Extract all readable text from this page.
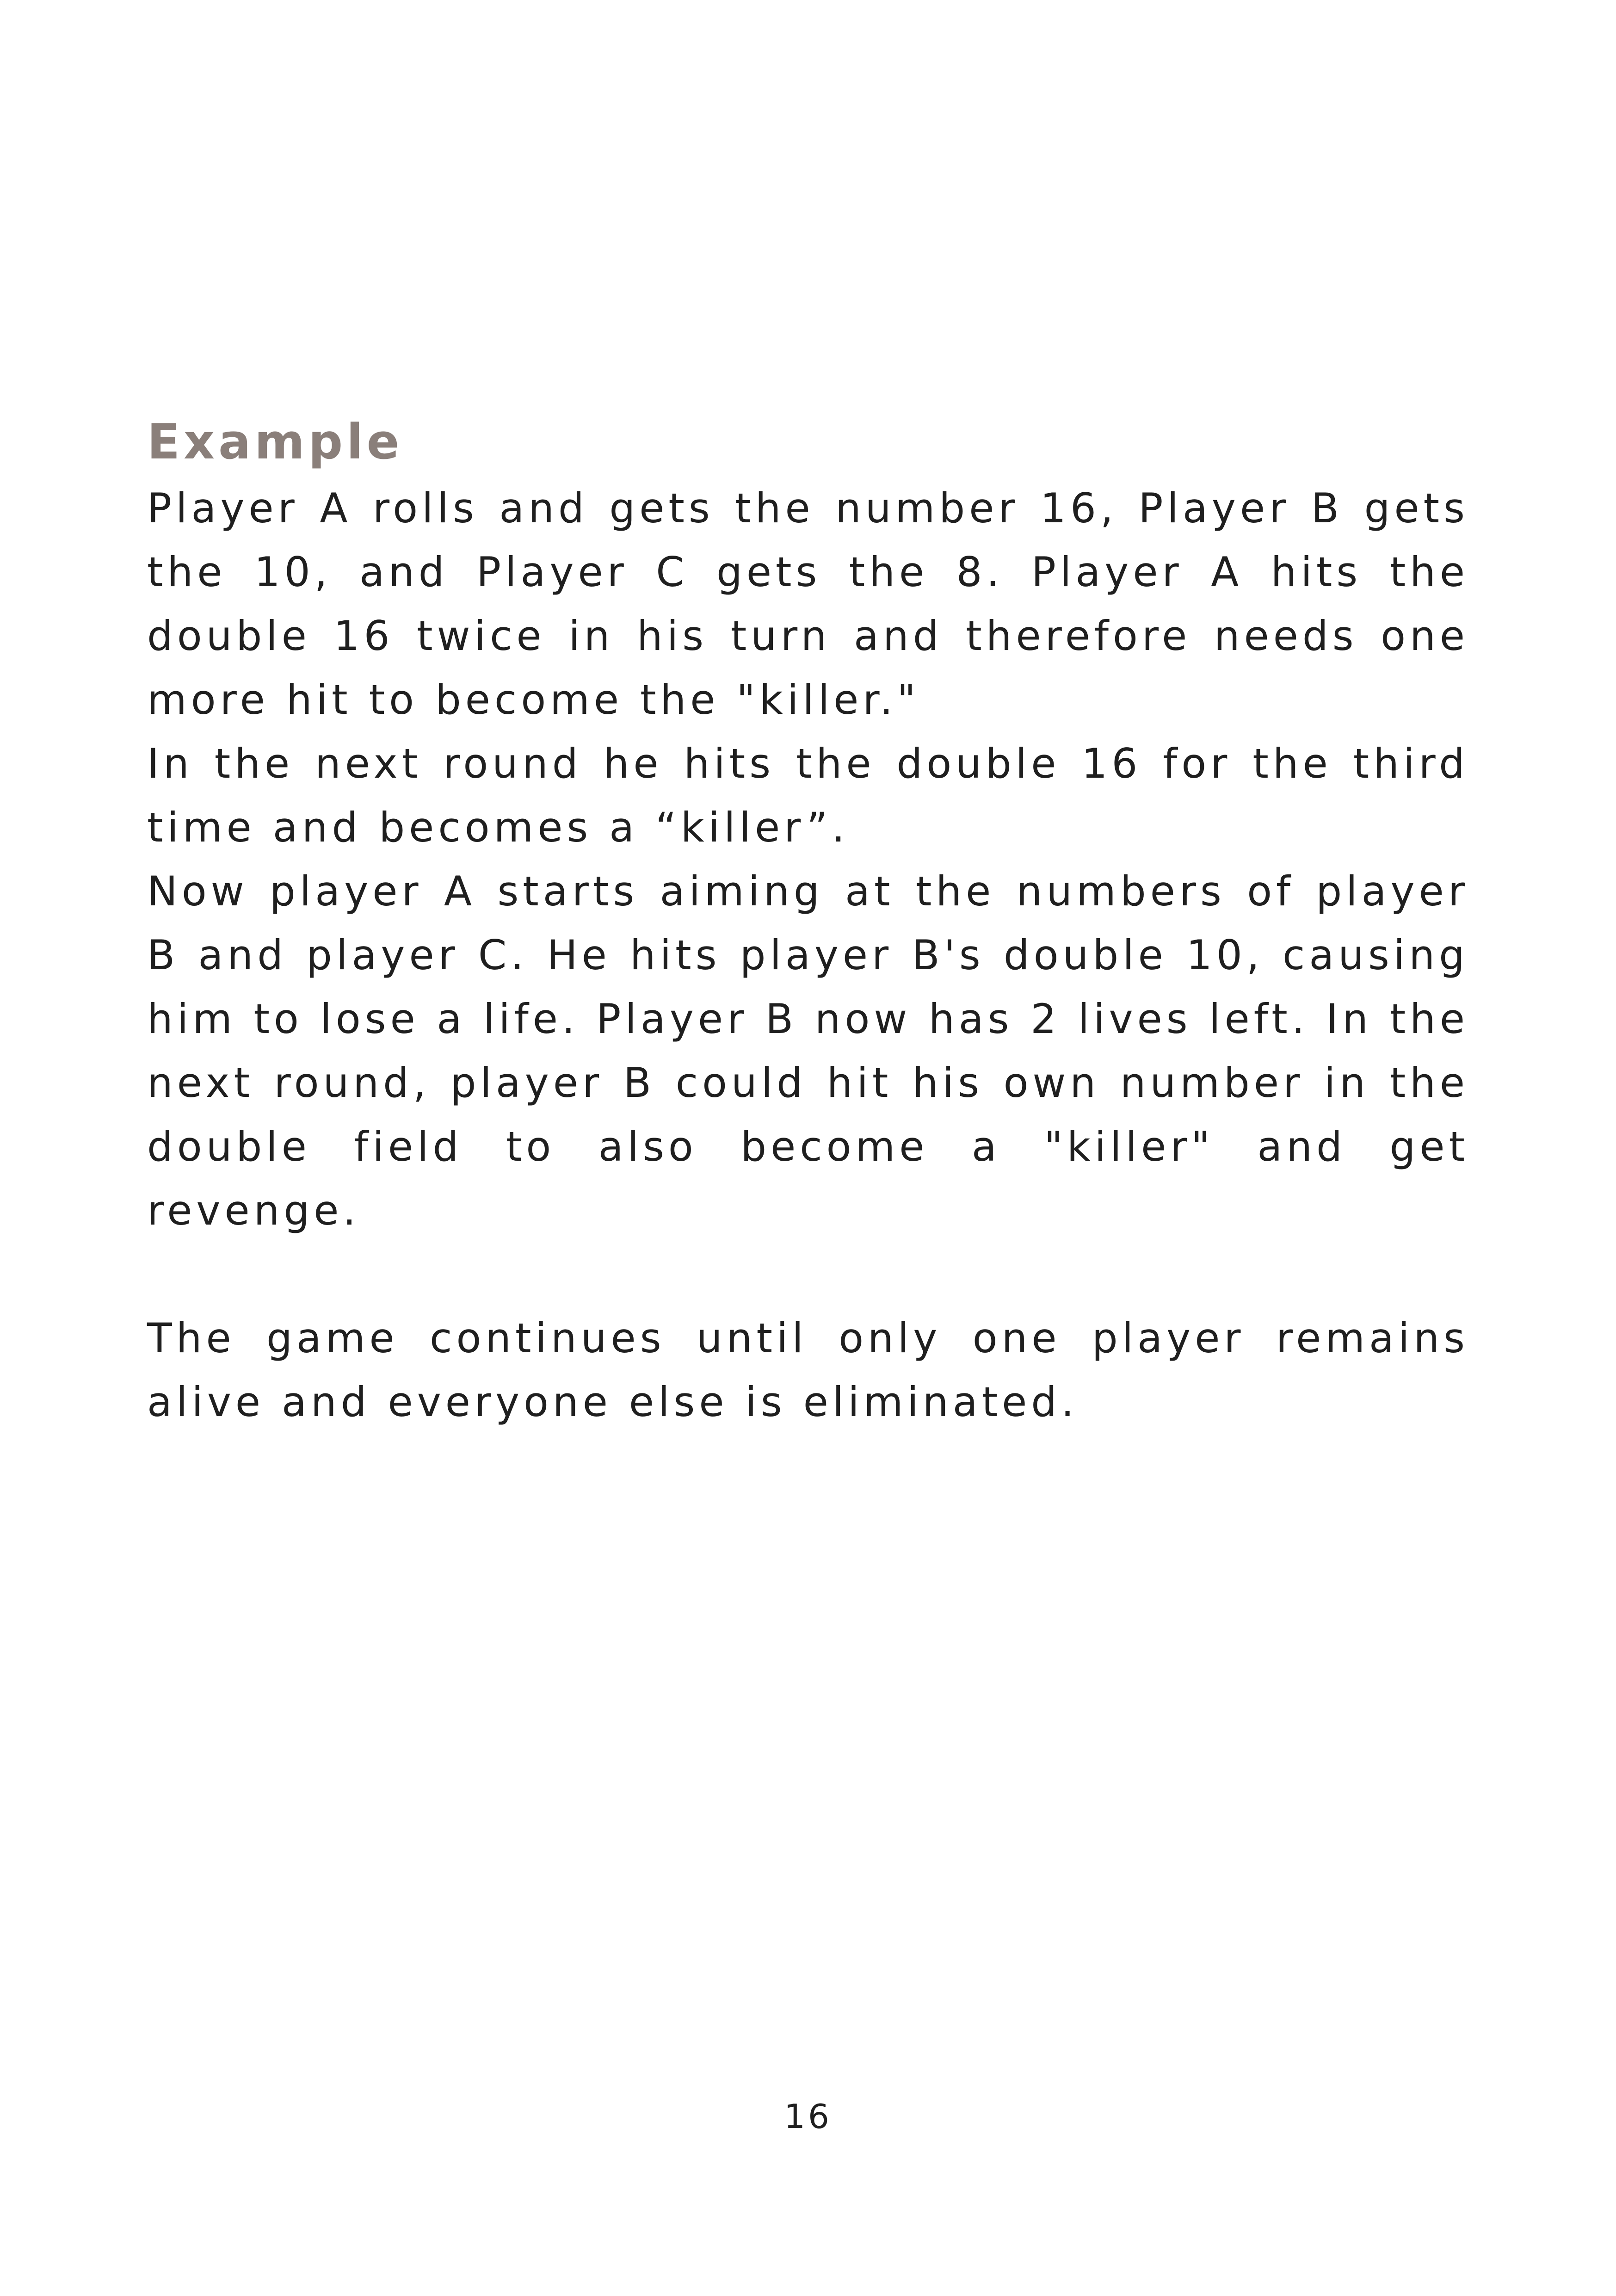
Example

Player A rolls and gets the number 16, Player B gets the 10, and Player C gets the 8. Player A hits the double 16 twice in his turn and therefore needs one more hit to become the "killer."

In the next round he hits the double 16 for the third time and becomes a “killer”.

Now player A starts aiming at the numbers of player B and player C. He hits player B's double 10, causing him to lose a life. Player B now has 2 lives left. In the next round, player B could hit his own number in the double field to also become a "killer" and get revenge.

The game continues until only one player remains alive and everyone else is eliminated.

16
